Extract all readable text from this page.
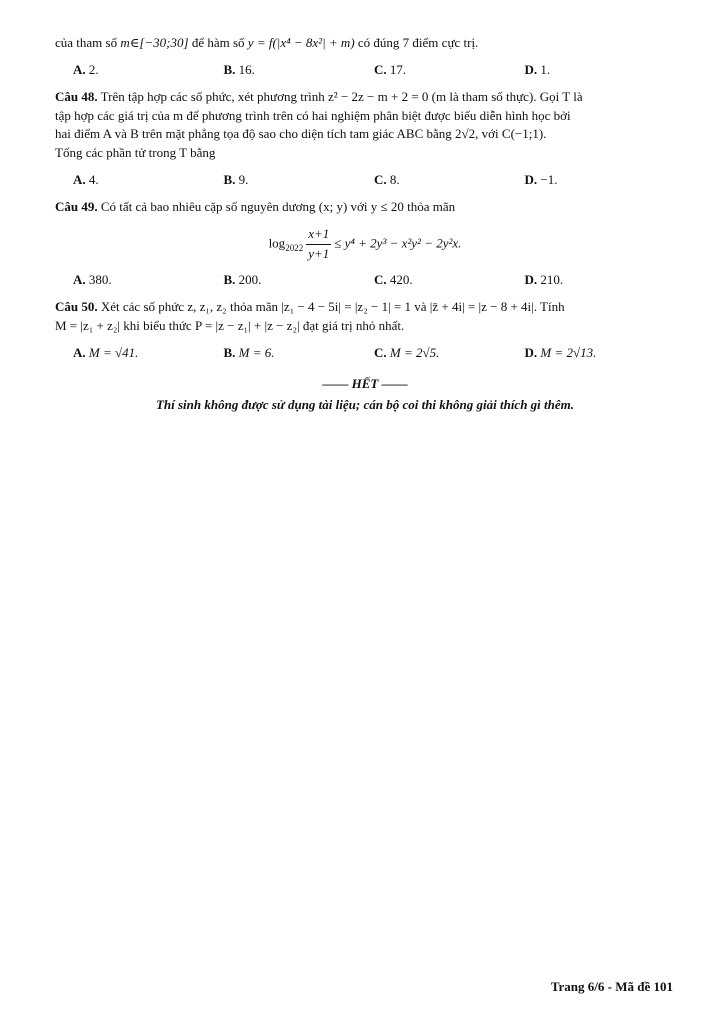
của tham số m∈[−30;30] để hàm số y = f(|x⁴ − 8x²| + m) có đúng 7 điểm cực trị.
A. 2.	B. 16.	C. 17.	D. 1.
Câu 48. Trên tập hợp các số phức, xét phương trình z² − 2z − m + 2 = 0 (m là tham số thực). Gọi T là
tập hợp các giá trị của m để phương trình trên có hai nghiệm phân biệt được biểu diễn hình học bởi
hai điểm A và B trên mặt phẳng tọa độ sao cho diện tích tam giác ABC bằng 2√2, với C(−1;1).
Tổng các phần tử trong T bằng
A. 4.	B. 9.	C. 8.	D. −1.
Câu 49. Có tất cả bao nhiêu cặp số nguyên dương (x; y) với y ≤ 20 thỏa mãn
$\log_{2022} \frac{x+1}{y+1} \le y^4 + 2y^3 - x^2y^2 - 2y^2x$.
A. 380.	B. 200.	C. 420.	D. 210.
Câu 50. Xét các số phức z, z₁, z₂ thỏa mãn |z₁ − 4 − 5i| = |z₂ − 1| = 1 và |z̄ + 4i| = |z − 8 + 4i|. Tính
M = |z₁ + z₂| khi biểu thức P = |z − z₁| + |z − z₂| đạt giá trị nhỏ nhất.
A. M = √41.	B. M = 6.	C. M = 2√5.	D. M = 2√13.
—— HẾT ——
Thí sinh không được sử dụng tài liệu; cán bộ coi thi không giải thích gì thêm.
Trang 6/6 - Mã đề 101
